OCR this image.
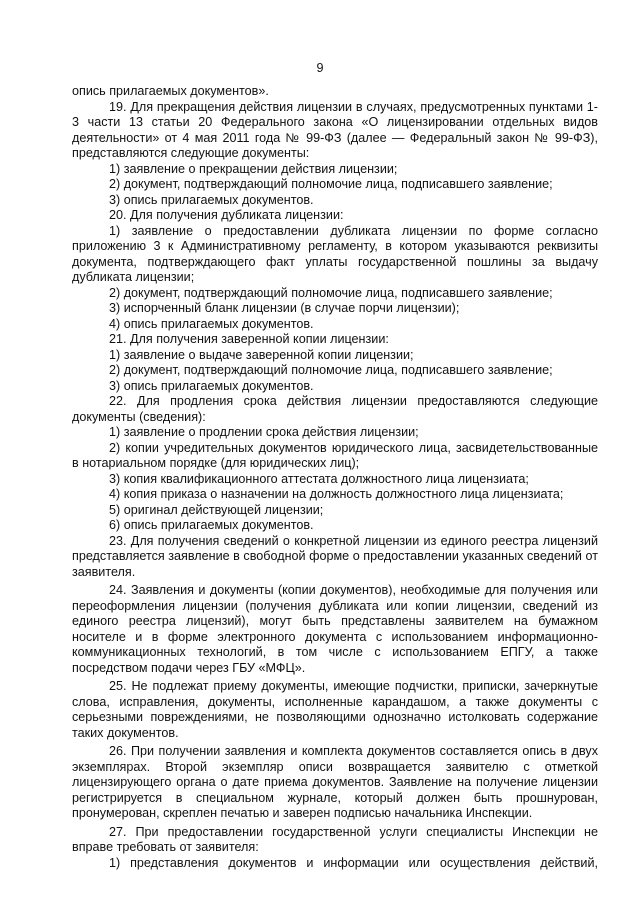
9

опись прилагаемых документов».

19. Для прекращения действия лицензии в случаях, предусмотренных пунктами 1-3 части 13 статьи 20 Федерального закона «О лицензировании отдельных видов деятельности» от 4 мая 2011 года № 99-ФЗ (далее — Федеральный закон № 99-ФЗ), представляются следующие документы:

1) заявление о прекращении действия лицензии;

2) документ, подтверждающий полномочие лица, подписавшего заявление;

3) опись прилагаемых документов.

20. Для получения дубликата лицензии:

1) заявление о предоставлении дубликата лицензии по форме согласно приложению 3 к Административному регламенту, в котором указываются реквизиты документа, подтверждающего факт уплаты государственной пошлины за выдачу дубликата лицензии;

2) документ, подтверждающий полномочие лица, подписавшего заявление;

3) испорченный бланк лицензии (в случае порчи лицензии);

4) опись прилагаемых документов.

21. Для получения заверенной копии лицензии:

1) заявление о выдаче заверенной копии лицензии;

2) документ, подтверждающий полномочие лица, подписавшего заявление;

3) опись прилагаемых документов.

22. Для продления срока действия лицензии предоставляются следующие документы (сведения):

1) заявление о продлении срока действия лицензии;

2) копии учредительных документов юридического лица, засвидетельствованные в нотариальном порядке (для юридических лиц);

3) копия квалификационного аттестата должностного лица лицензиата;

4) копия приказа о назначении на должность должностного лица лицензиата;

5) оригинал действующей лицензии;

6) опись прилагаемых документов.

23. Для получения сведений о конкретной лицензии из единого реестра лицензий представляется заявление в свободной форме о предоставлении указанных сведений от заявителя.

24. Заявления и документы (копии документов), необходимые для получения или переоформления лицензии (получения дубликата или копии лицензии, сведений из единого реестра лицензий), могут быть представлены заявителем на бумажном носителе и в форме электронного документа с использованием информационно-коммуникационных технологий, в том числе с использованием ЕПГУ, а также посредством подачи через ГБУ «МФЦ».

25. Не подлежат приему документы, имеющие подчистки, приписки, зачеркнутые слова, исправления, документы, исполненные карандашом, а также документы с серьезными повреждениями, не позволяющими однозначно истолковать содержание таких документов.

26. При получении заявления и комплекта документов составляется опись в двух экземплярах. Второй экземпляр описи возвращается заявителю с отметкой лицензирующего органа о дате приема документов. Заявление на получение лицензии регистрируется в специальном журнале, который должен быть прошнурован, пронумерован, скреплен печатью и заверен подписью начальника Инспекции.

27. При предоставлении государственной услуги специалисты Инспекции не вправе требовать от заявителя:

1) представления документов и информации или осуществления действий,
